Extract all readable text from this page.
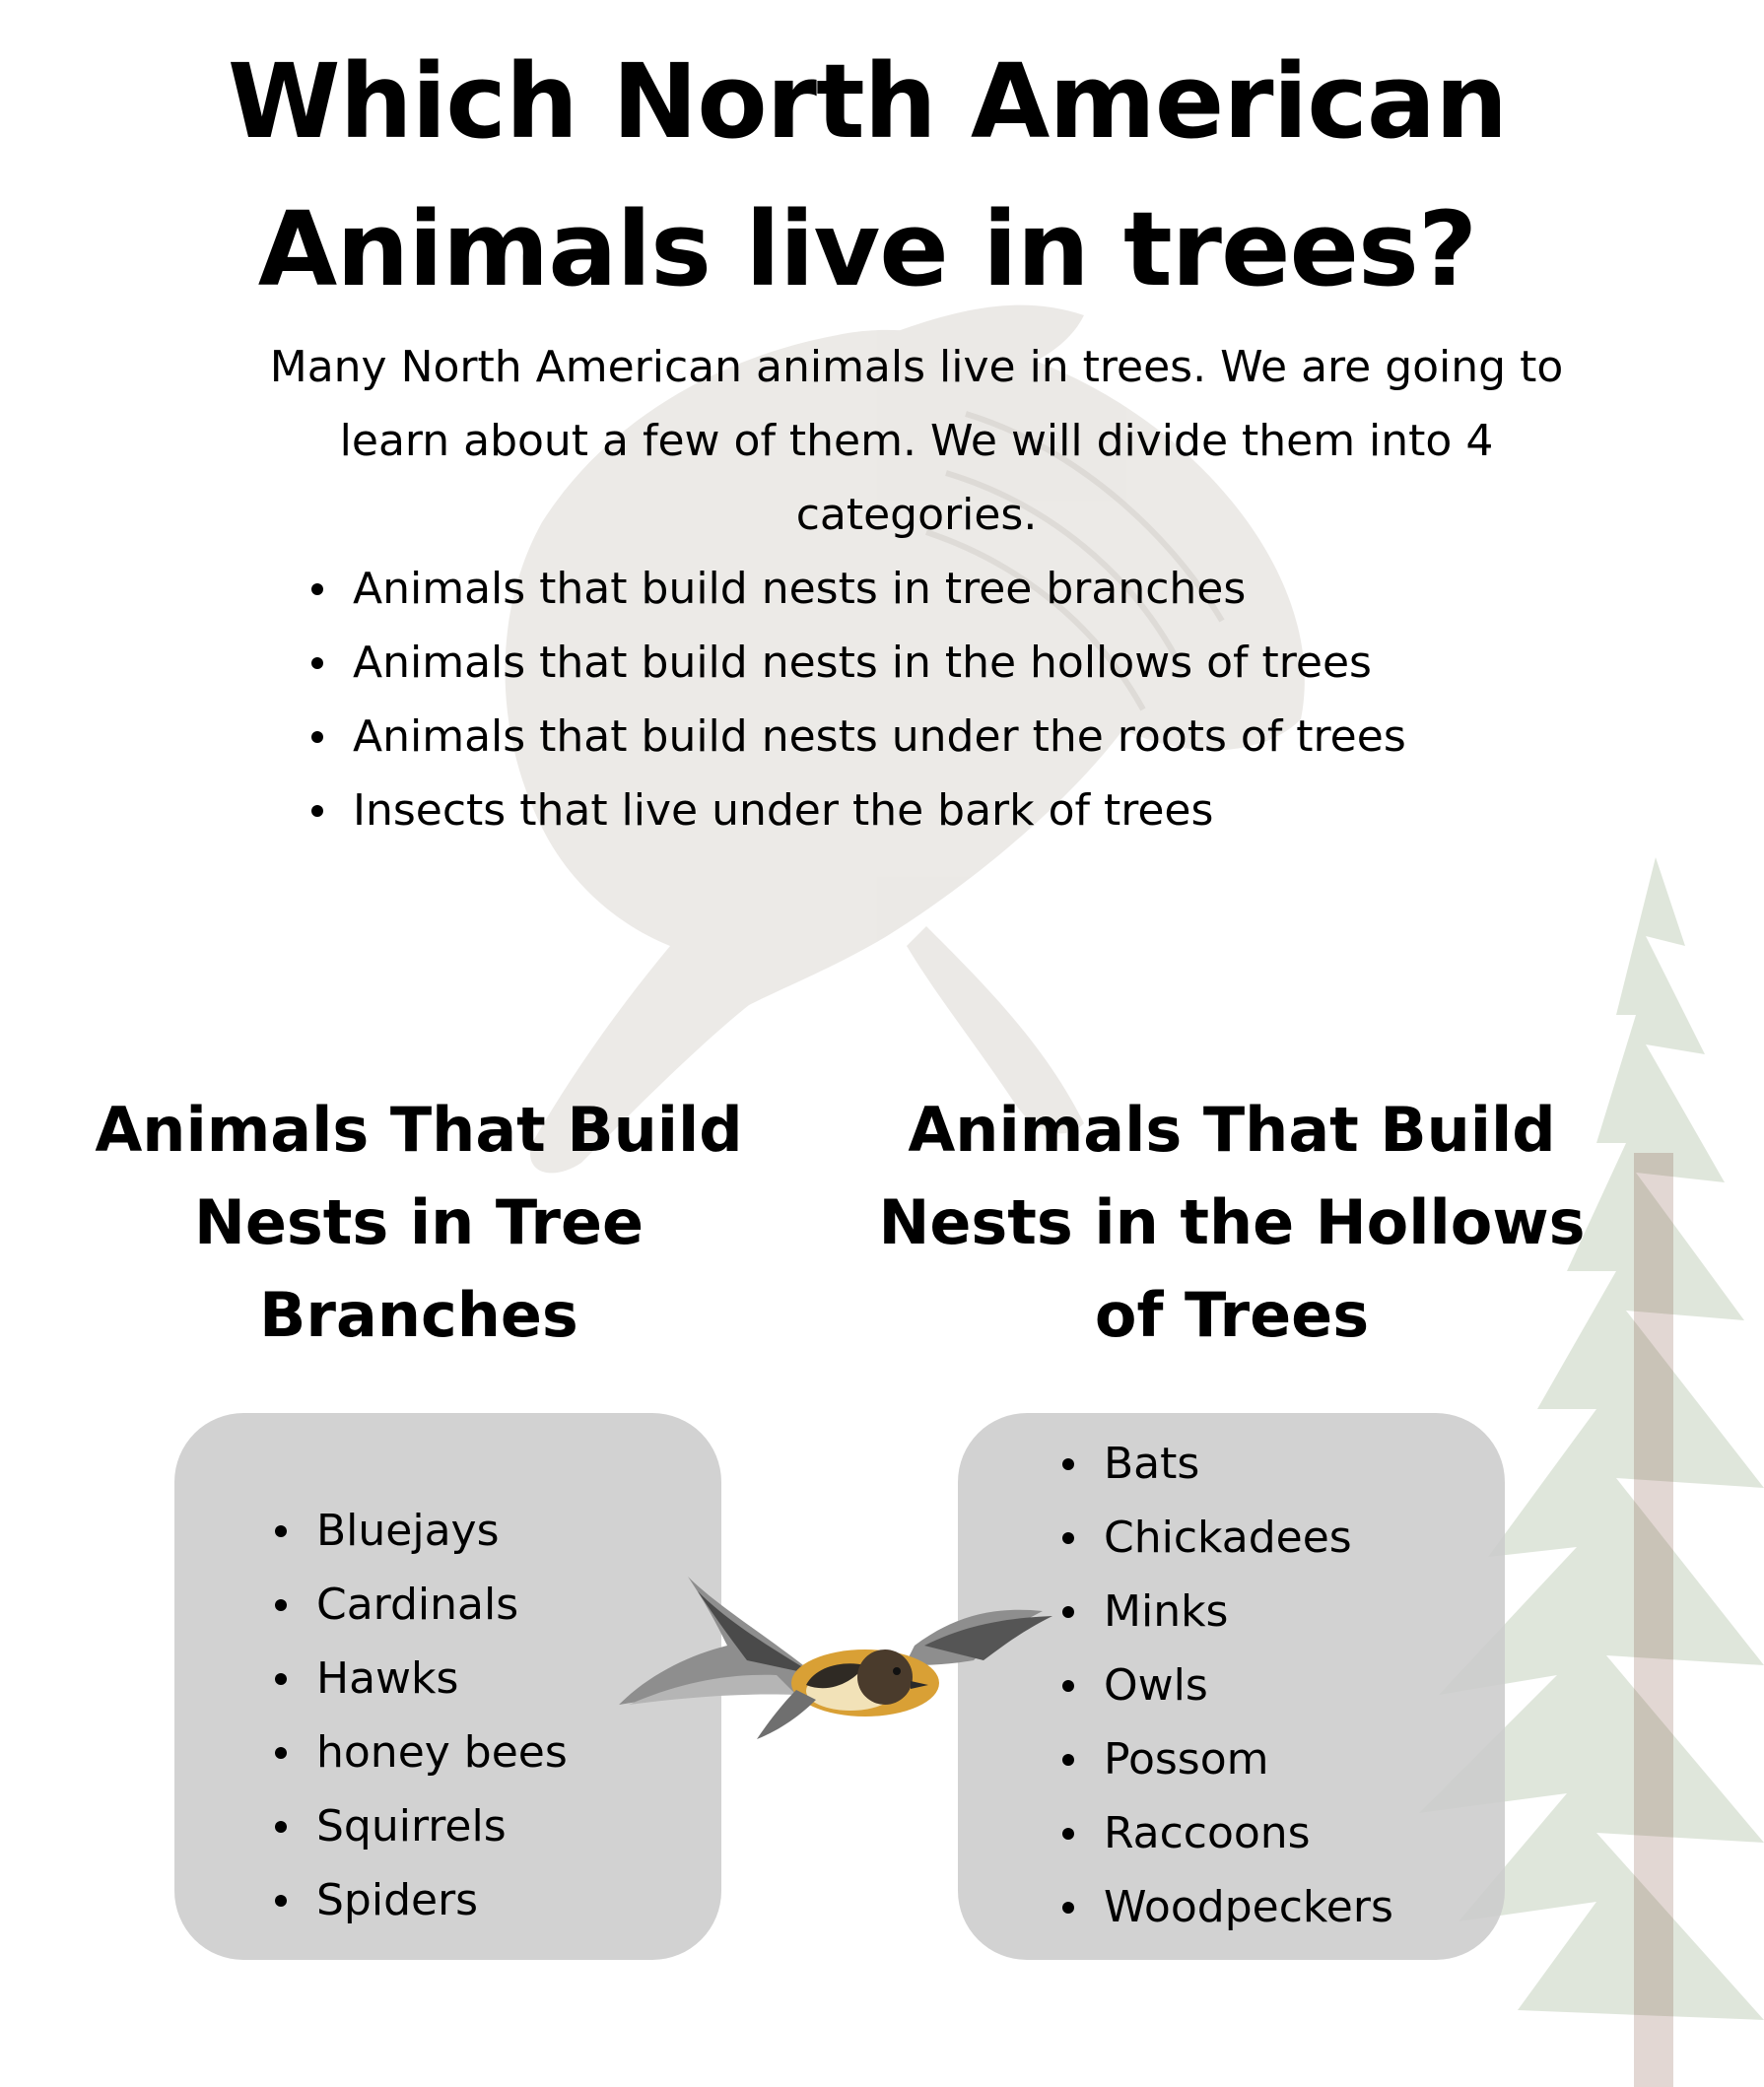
Which North American Animals live in trees?

Many North American animals live in trees. We are going to learn about a few of them. We will divide them into 4 categories.

Animals that build nests in tree branches
Animals that build nests in the hollows of trees
Animals that build nests under the roots of trees
Insects that live under the bark of trees
Animals That Build Nests in Tree Branches
Animals That Build Nests in the Hollows of Trees
Bluejays
Cardinals
Hawks
honey bees
Squirrels
Spiders
Bats
Chickadees
Minks
Owls
Possom
Raccoons
Woodpeckers
